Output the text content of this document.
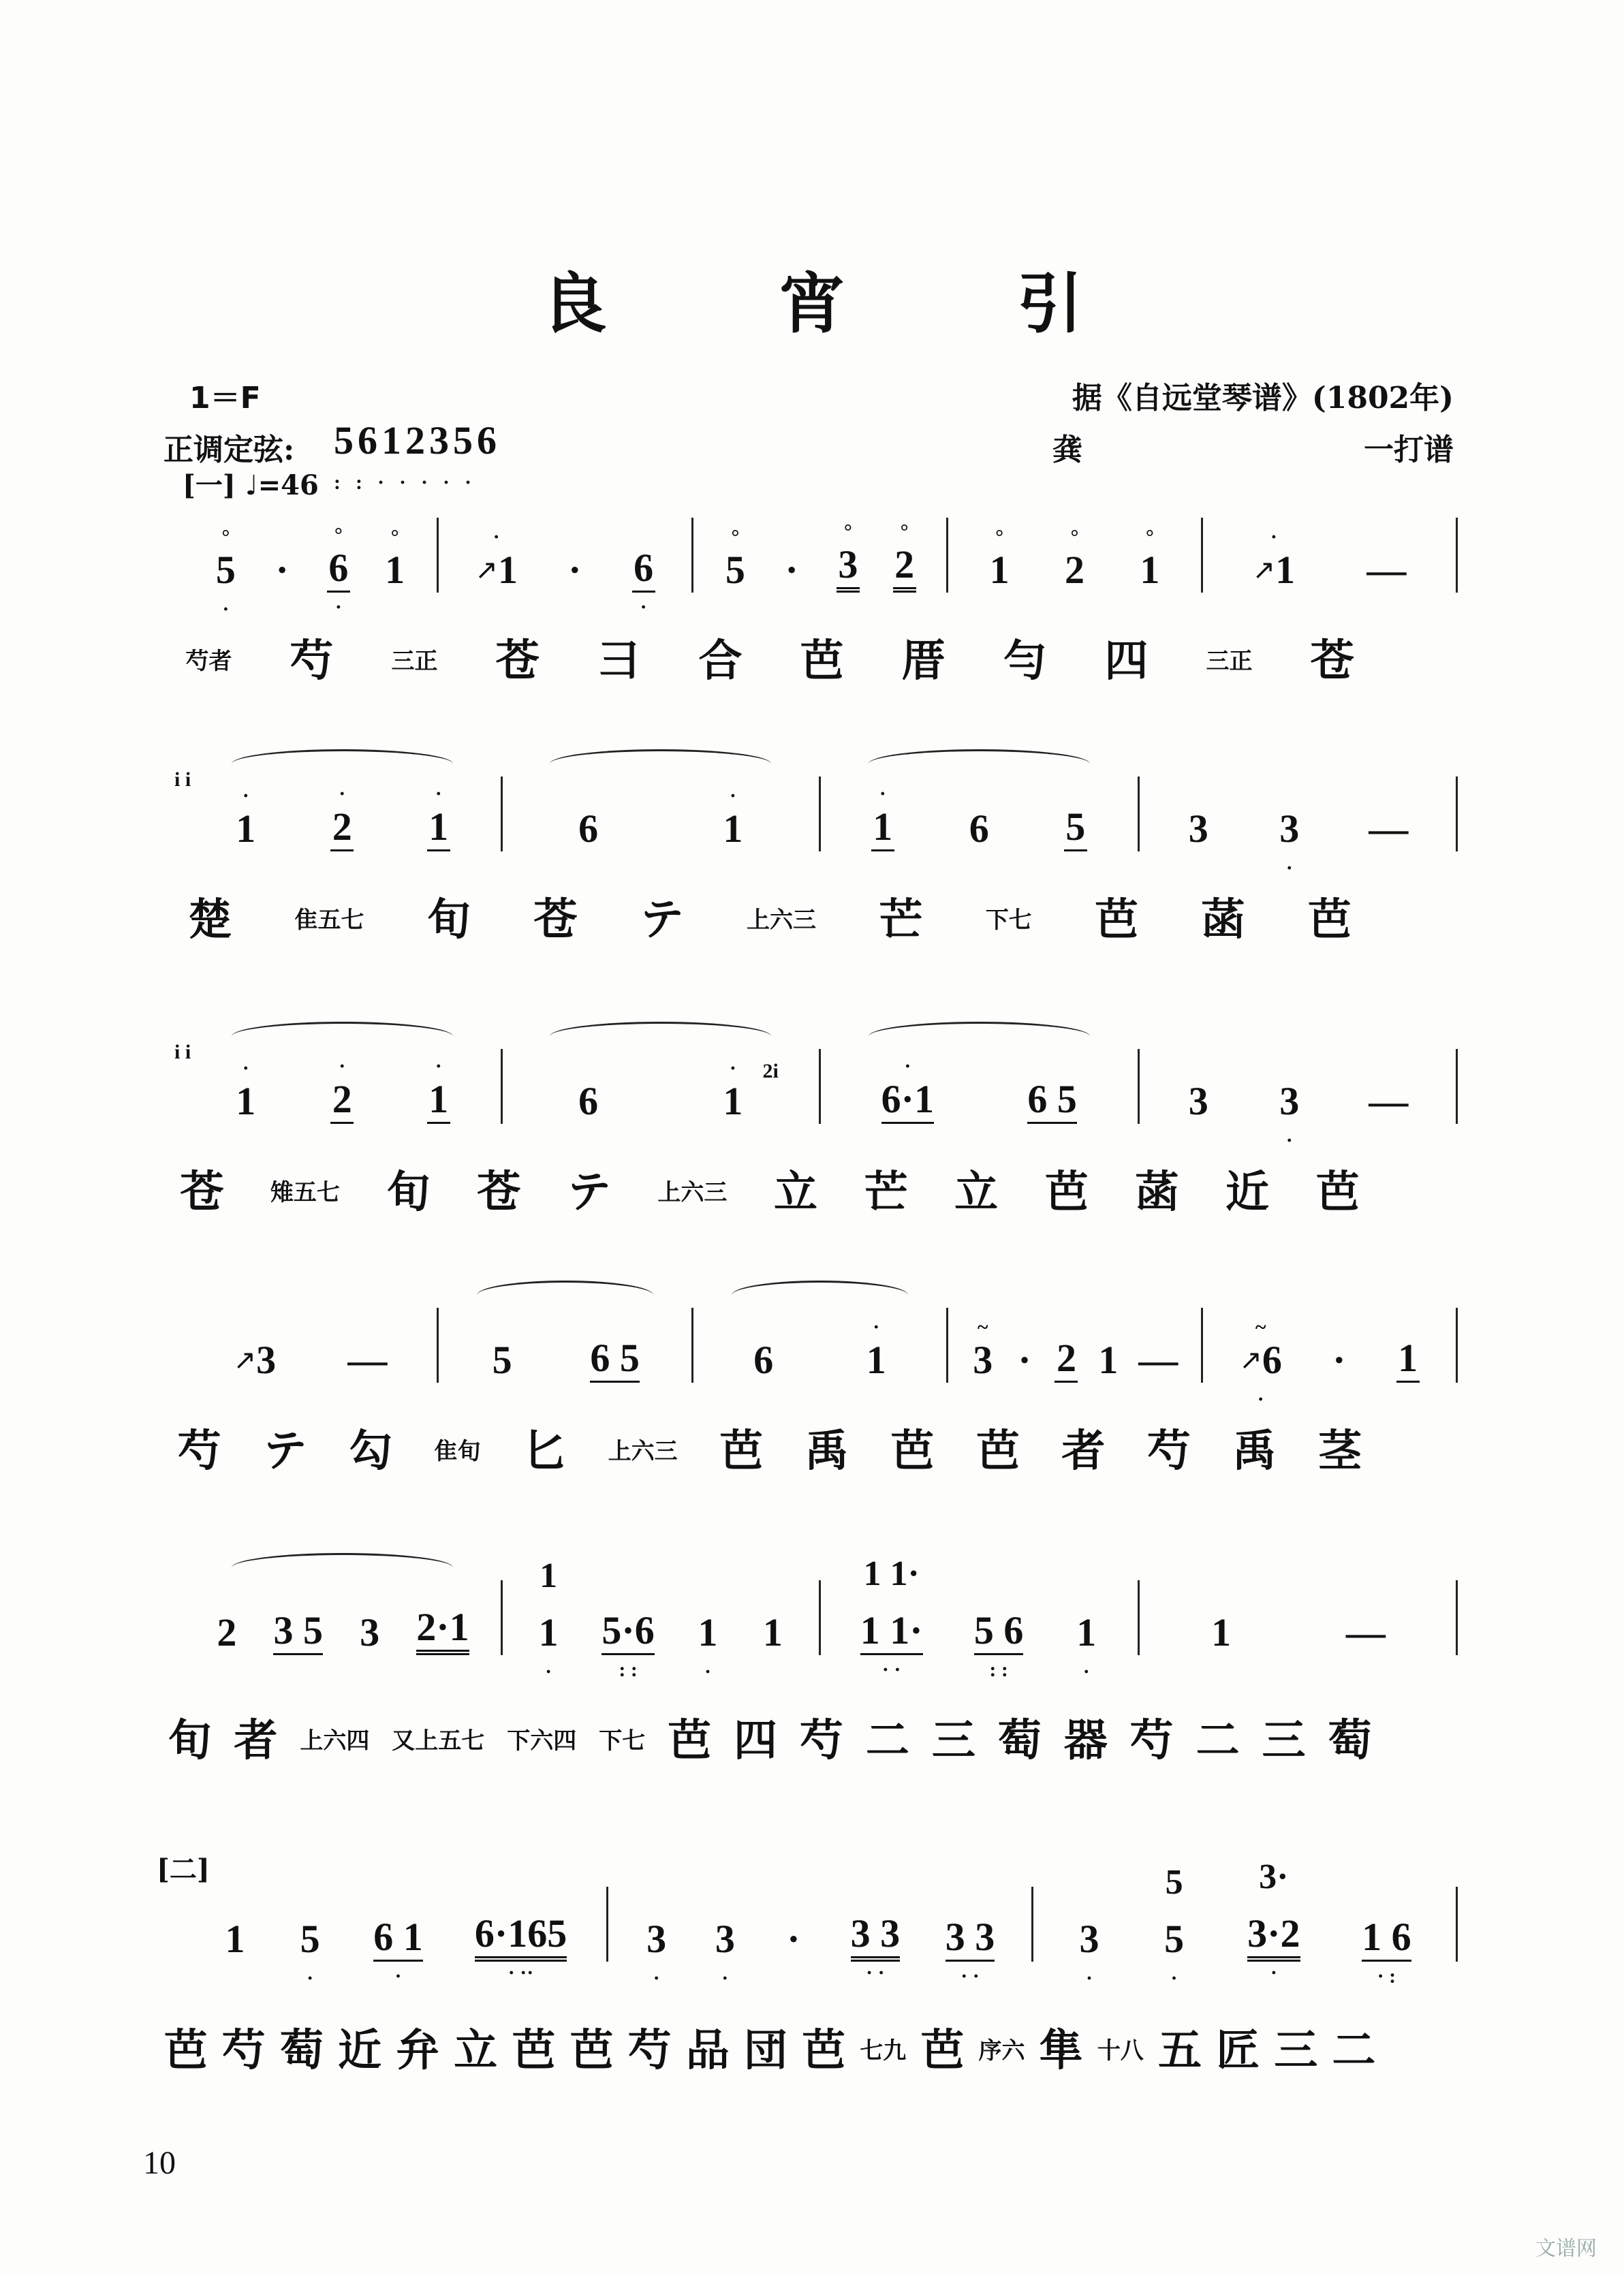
良 宵 引
1＝F
正调定弦: 5612356
::·····
据《自远堂琴谱》(1802年)
龚	一打谱
[一] ♩=46
[二]
10
文谱网
5
°
·
· 6
°
·
1
°
↗1
·
· 6
·
5
°
· 3
°
2
°
1
°
2
°
1
°
↗1
·
—
芍者 芍	三正 苍 彐 合 芭 厝 勻 四	三正 苍
i i
1
·
2
·
1
·
6	1
·
1
·
6 5	3 3
·
—
楚	隹五七 旬 苍 テ	上六三 芒	下七 芭 菡 芭
i i
1
·
2
·
1
·
6	1
·	2i
6·1
·
6 5	3 3
·
—
苍 雉五七 旬 苍 テ 上六三 立 芒 立 芭 菡 近 芭
↗3 —	5 6 5	6 1
·
3
~
· 2 1 — ↗6
~
·
· 1
芍 テ 勾 隹旬 匕 上六三 芭 禹 芭 芭 者 芍 禹 茎
2 3 5 3 2·1 1
1
·
5·6
: :
1
·
1 1 1·
1 1·
· ·
5 6
: :
1
·
1	—
旬 者 上六四 又上五七 下六四 下七 芭 四 芍 二 三 萄 器 芍 二 三 萄
1 5
·
6 1
·
6·165
· ··
3
·
3
·
· 3 3
· ·
3 3
· ·
3
·
5
5
·
3·2
3·
·
1 6
· :
芭 芍 萄 近 弁 立 芭 芭 芍 品 団 芭 七九 芭 序六 隼 十八 五 匠 三 二
